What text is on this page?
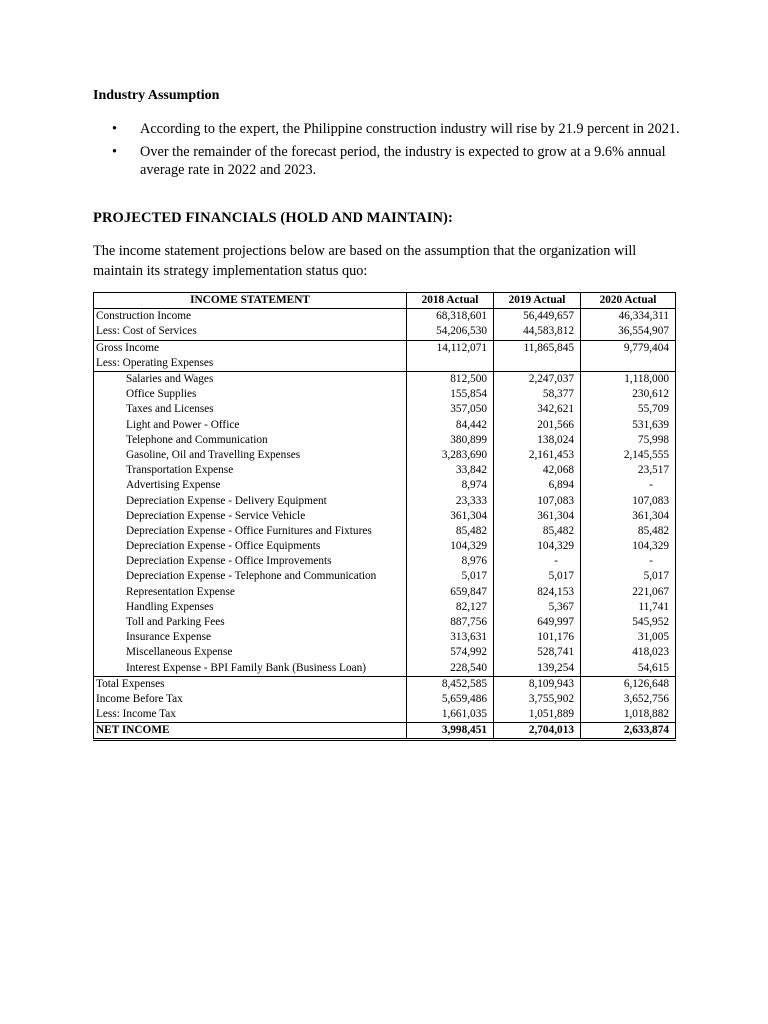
Industry Assumption
• According to the expert, the Philippine construction industry will rise by 21.9 percent in 2021.
• Over the remainder of the forecast period, the industry is expected to grow at a 9.6% annual average rate in 2022 and 2023.
PROJECTED FINANCIALS (HOLD AND MAINTAIN):
The income statement projections below are based on the assumption that the organization will maintain its strategy implementation status quo:
INCOME STATEMENT	2018 Actual	2019 Actual	2020 Actual
Construction Income	68,318,601	56,449,657	46,334,311
Less: Cost of Services	54,206,530	44,583,812	36,554,907
Gross Income	14,112,071	11,865,845	9,779,404
Less: Operating Expenses			
Salaries and Wages	812,500	2,247,037	1,118,000
Office Supplies	155,854	58,377	230,612
Taxes and Licenses	357,050	342,621	55,709
Light and Power - Office	84,442	201,566	531,639
Telephone and Communication	380,899	138,024	75,998
Gasoline, Oil and Travelling Expenses	3,283,690	2,161,453	2,145,555
Transportation Expense	33,842	42,068	23,517
Advertising Expense	8,974	6,894	-
Depreciation Expense - Delivery Equipment	23,333	107,083	107,083
Depreciation Expense - Service Vehicle	361,304	361,304	361,304
Depreciation Expense - Office Furnitures and Fixtures	85,482	85,482	85,482
Depreciation Expense - Office Equipments	104,329	104,329	104,329
Depreciation Expense - Office Improvements	8,976	-	-
Depreciation Expense - Telephone and Communication	5,017	5,017	5,017
Representation Expense	659,847	824,153	221,067
Handling Expenses	82,127	5,367	11,741
Toll and Parking Fees	887,756	649,997	545,952
Insurance Expense	313,631	101,176	31,005
Miscellaneous Expense	574,992	528,741	418,023
Interest Expense - BPI Family Bank (Business Loan)	228,540	139,254	54,615
Total Expenses	8,452,585	8,109,943	6,126,648
Income Before Tax	5,659,486	3,755,902	3,652,756
Less: Income Tax	1,661,035	1,051,889	1,018,882
NET INCOME	3,998,451	2,704,013	2,633,874
